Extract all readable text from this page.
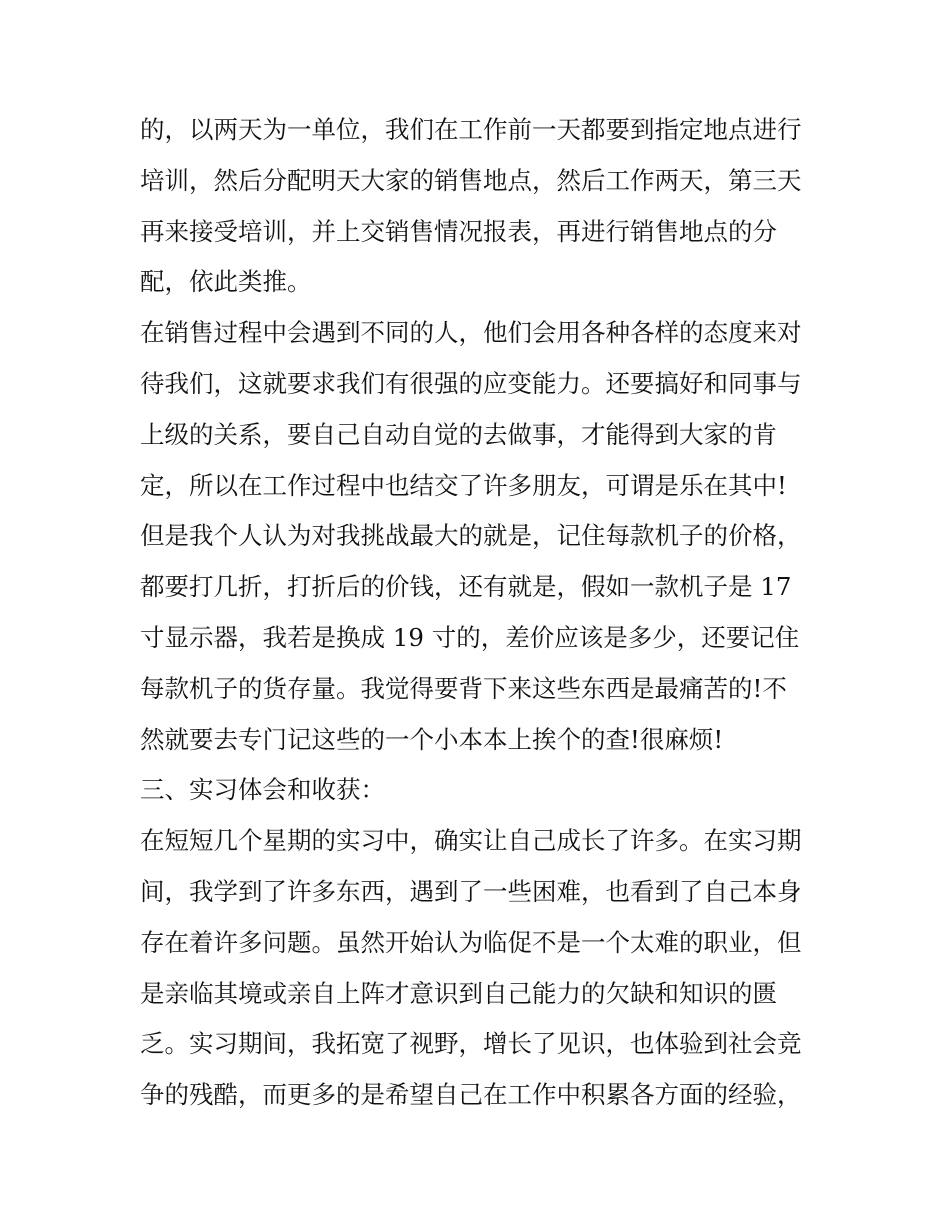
的，以两天为一单位，我们在工作前一天都要到指定地点进行
培训，然后分配明天大家的销售地点，然后工作两天，第三天
再来接受培训，并上交销售情况报表，再进行销售地点的分
配，依此类推。
在销售过程中会遇到不同的人，他们会用各种各样的态度来对
待我们，这就要求我们有很强的应变能力。还要搞好和同事与
上级的关系，要自己自动自觉的去做事，才能得到大家的肯
定，所以在工作过程中也结交了许多朋友，可谓是乐在其中!
但是我个人认为对我挑战最大的就是，记住每款机子的价格，
都要打几折，打折后的价钱，还有就是，假如一款机子是 17
寸显示器，我若是换成 19 寸的，差价应该是多少，还要记住
每款机子的货存量。我觉得要背下来这些东西是最痛苦的!不
然就要去专门记这些的一个小本本上挨个的查!很麻烦!
三、实习体会和收获：
在短短几个星期的实习中，确实让自己成长了许多。在实习期
间，我学到了许多东西，遇到了一些困难，也看到了自己本身
存在着许多问题。虽然开始认为临促不是一个太难的职业，但
是亲临其境或亲自上阵才意识到自己能力的欠缺和知识的匮
乏。实习期间，我拓宽了视野，增长了见识，也体验到社会竞
争的残酷，而更多的是希望自己在工作中积累各方面的经验，
